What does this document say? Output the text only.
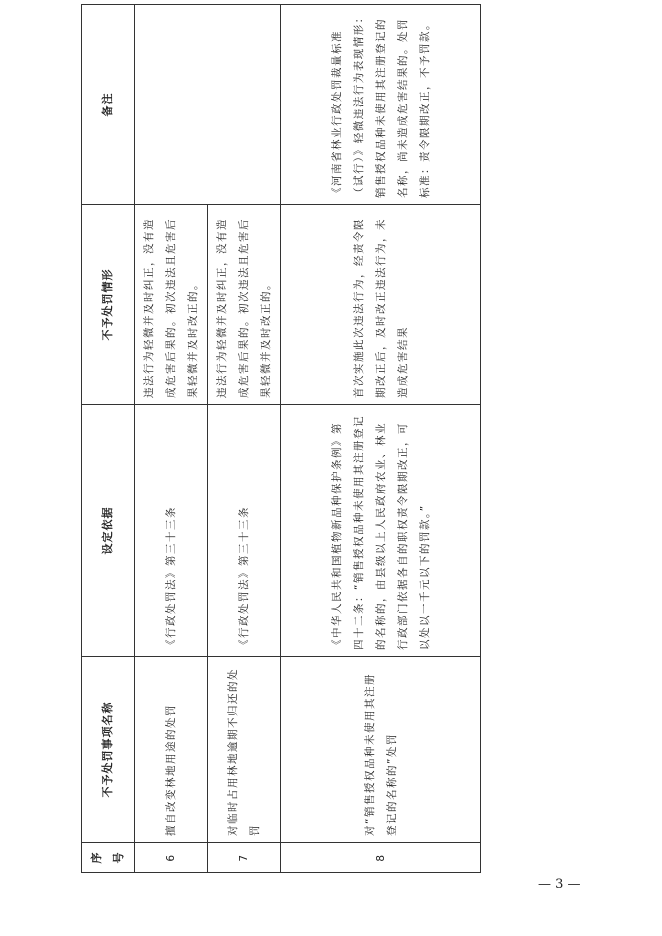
序号	不予处罚事项名称	设定依据	不予处罚情形	备注
6	擅自改变林地用途的处罚	《行政处罚法》第三十三条	违法行为轻微并及时纠正，没有造成危害后果的。初次违法且危害后果轻微并及时改正的。	
7	对临时占用林地逾期不归还的处罚	《行政处罚法》第三十三条	违法行为轻微并及时纠正，没有造成危害后果的。初次违法且危害后果轻微并及时改正的。	
8	对“销售授权品种未使用其注册登记的名称的”处罚	《中华人民共和国植物新品种保护条例》第四十二条：“销售授权品种未使用其注册登记的名称的，由县级以上人民政府农业、林业行政部门依据各自的职权责令限期改正，可以处以一千元以下的罚款。”	首次实施此次违法行为，经责令限期改正后，及时改正违法行为，未造成危害结果	《河南省林业行政处罚裁量标准（试行）》轻微违法行为表现情形：销售授权品种未使用其注册登记的名称，尚未造成危害结果的。处罚标准：责令限期改正，不予罚款。
— 3 —
